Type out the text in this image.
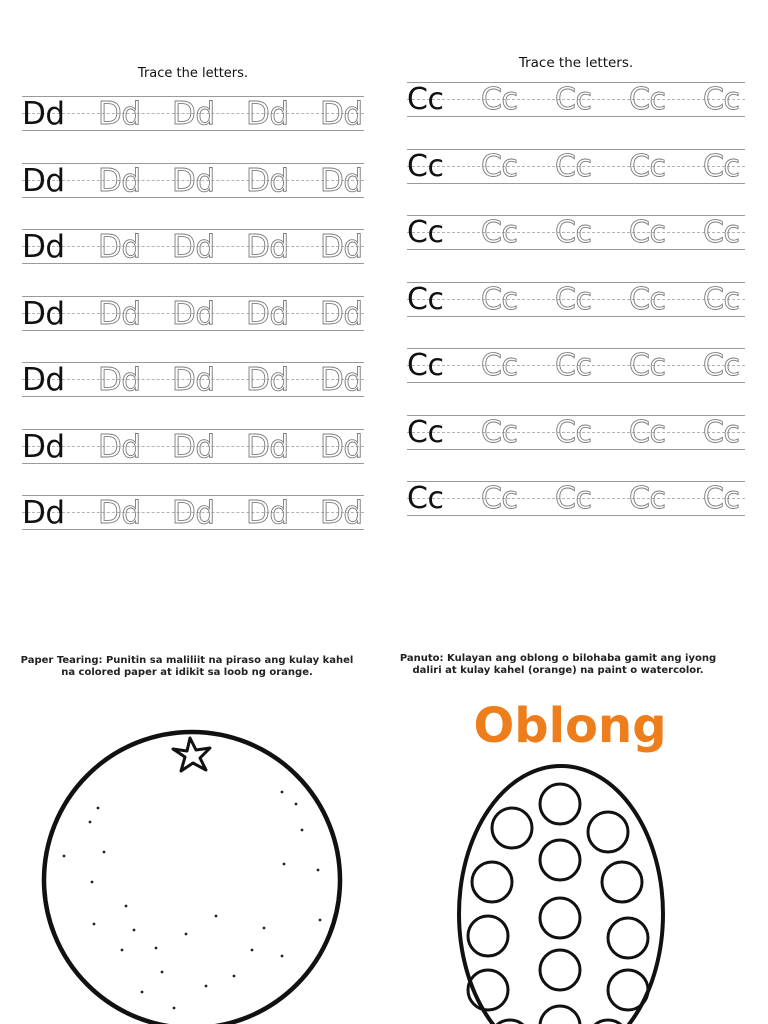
Trace the letters.
Dd Dd Dd Dd Dd
Dd Dd Dd Dd Dd
Dd Dd Dd Dd Dd
Dd Dd Dd Dd Dd
Dd Dd Dd Dd Dd
Dd Dd Dd Dd Dd
Dd Dd Dd Dd Dd
Trace the letters.
Cc Cc Cc Cc Cc
Cc Cc Cc Cc Cc
Cc Cc Cc Cc Cc
Cc Cc Cc Cc Cc
Cc Cc Cc Cc Cc
Cc Cc Cc Cc Cc
Cc Cc Cc Cc Cc
Paper Tearing: Punitin sa maliliit na piraso ang kulay kahel
na colored paper at idikit sa loob ng orange.
Panuto: Kulayan ang oblong o bilohaba gamit ang iyong
daliri at kulay kahel (orange) na paint o watercolor.
Oblong
